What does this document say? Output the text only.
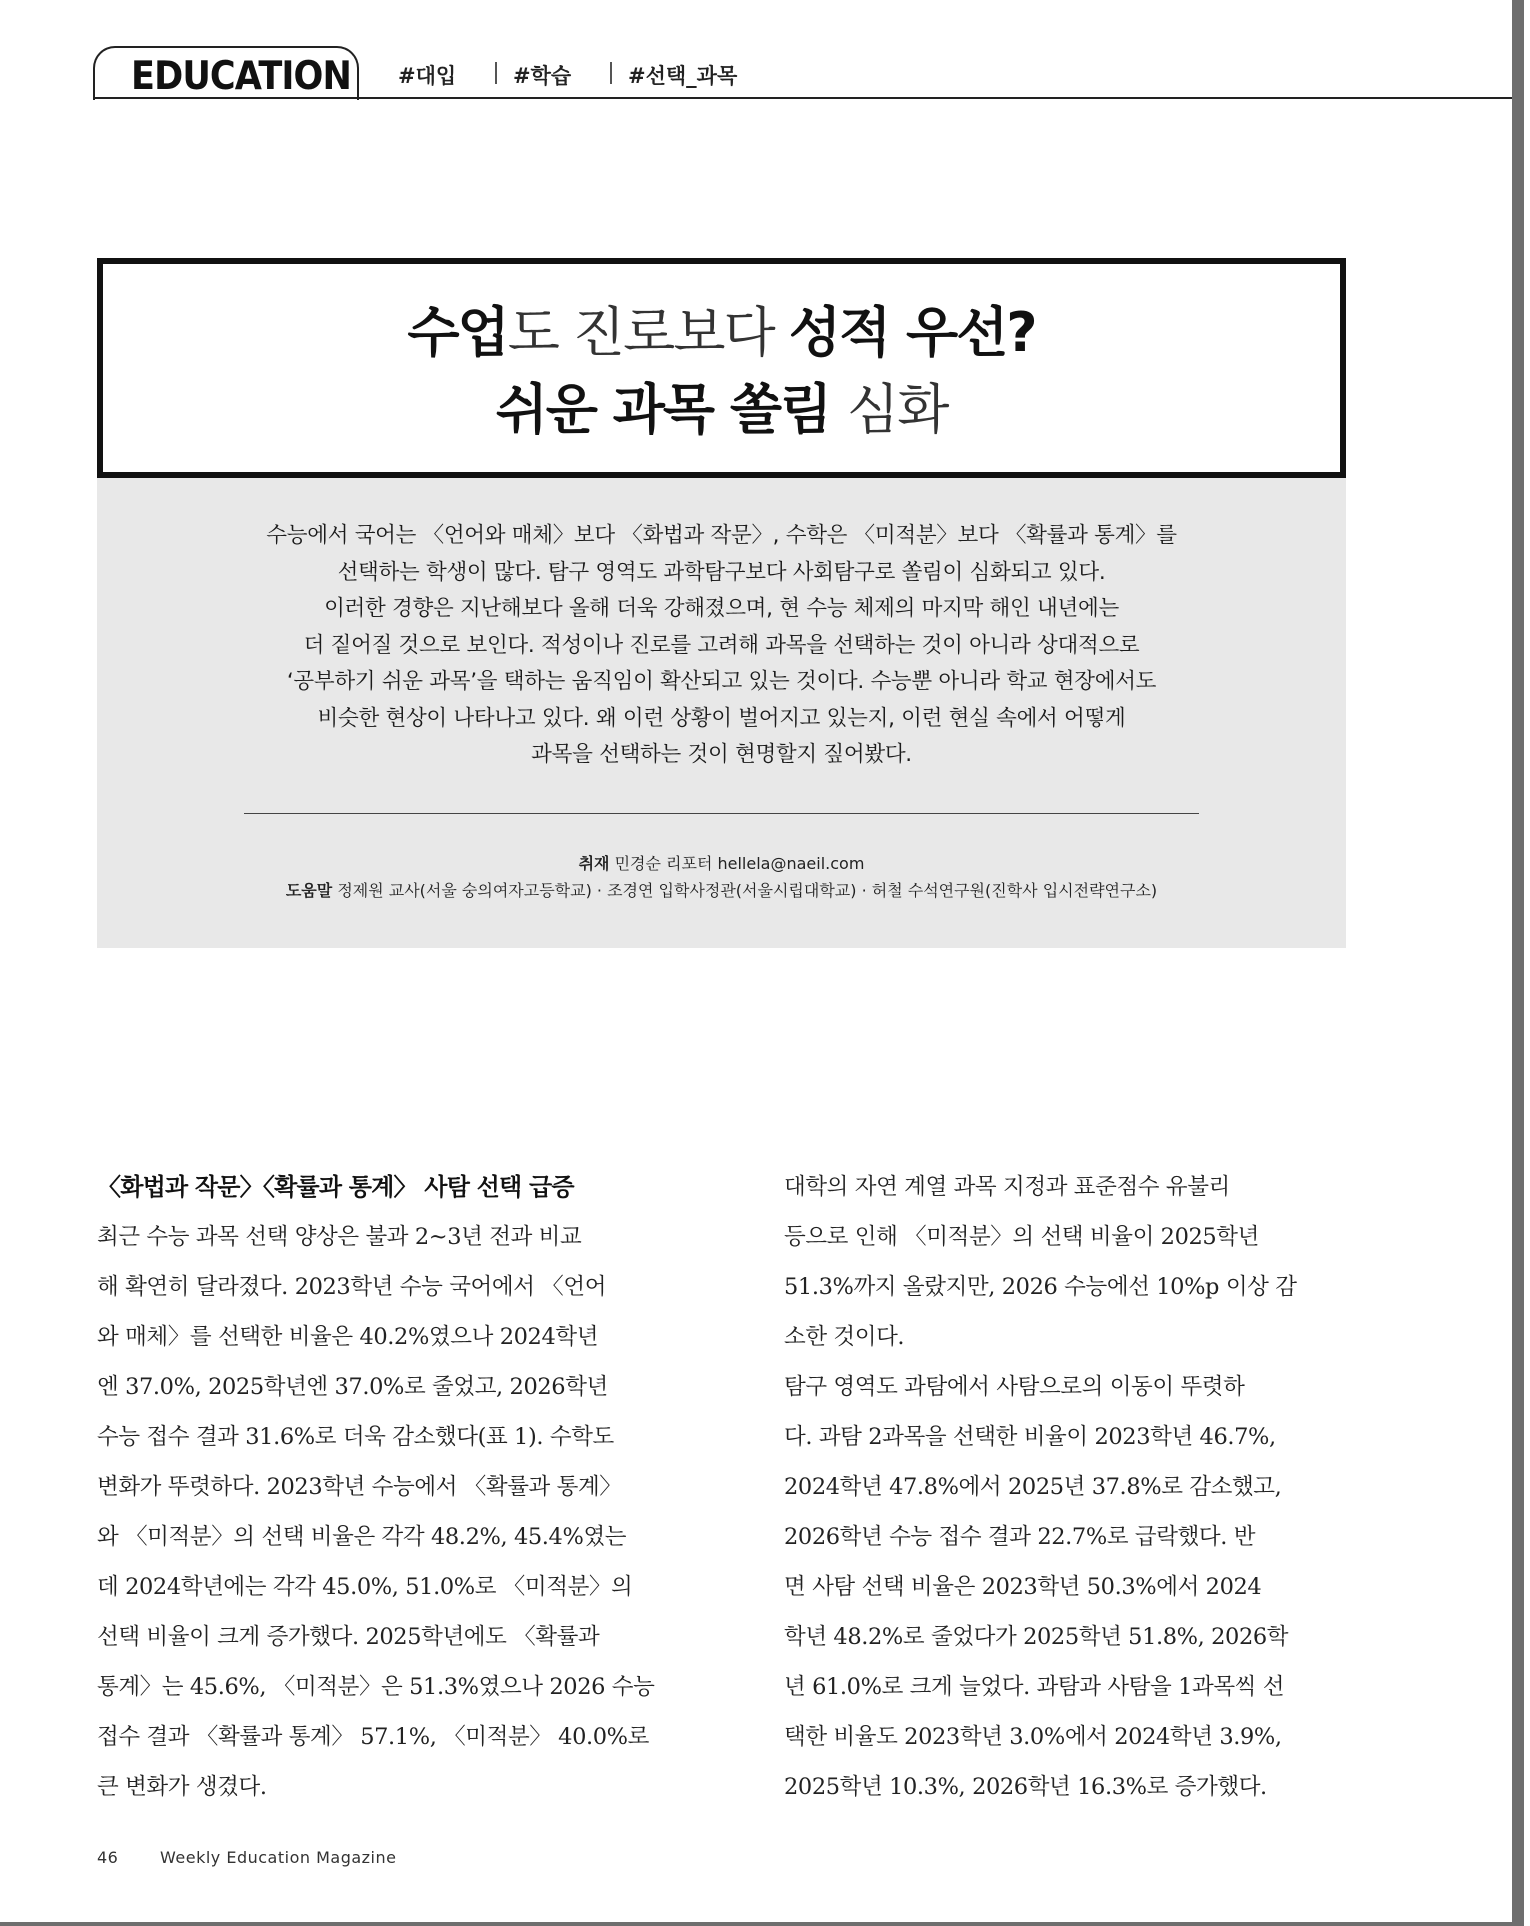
EDUCATION #대입	#학습	#선택_과목
수업도 진로보다 성적 우선?
쉬운 과목 쏠림 심화
수능에서 국어는 〈언어와 매체〉보다 〈화법과 작문〉, 수학은 〈미적분〉보다 〈확률과 통계〉를
선택하는 학생이 많다. 탐구 영역도 과학탐구보다 사회탐구로 쏠림이 심화되고 있다.
이러한 경향은 지난해보다 올해 더욱 강해졌으며, 현 수능 체제의 마지막 해인 내년에는
더 짙어질 것으로 보인다. 적성이나 진로를 고려해 과목을 선택하는 것이 아니라 상대적으로
‘공부하기 쉬운 과목’을 택하는 움직임이 확산되고 있는 것이다. 수능뿐 아니라 학교 현장에서도
비슷한 현상이 나타나고 있다. 왜 이런 상황이 벌어지고 있는지, 이런 현실 속에서 어떻게
과목을 선택하는 것이 현명할지 짚어봤다.
취재 민경순 리포터 hellela@naeil.com
도움말 정제원 교사(서울 숭의여자고등학교) · 조경연 입학사정관(서울시립대학교) · 허철 수석연구원(진학사 입시전략연구소)
〈화법과 작문〉〈확률과 통계〉 사탐 선택 급증
최근 수능 과목 선택 양상은 불과 2~3년 전과 비교
해 확연히 달라졌다. 2023학년 수능 국어에서 〈언어
와 매체〉를 선택한 비율은 40.2%였으나 2024학년
엔 37.0%, 2025학년엔 37.0%로 줄었고, 2026학년
수능 접수 결과 31.6%로 더욱 감소했다(표 1). 수학도
변화가 뚜렷하다. 2023학년 수능에서 〈확률과 통계〉
와 〈미적분〉의 선택 비율은 각각 48.2%, 45.4%였는
데 2024학년에는 각각 45.0%, 51.0%로 〈미적분〉의
선택 비율이 크게 증가했다. 2025학년에도 〈확률과
통계〉는 45.6%, 〈미적분〉은 51.3%였으나 2026 수능
접수 결과 〈확률과 통계〉 57.1%, 〈미적분〉 40.0%로
큰 변화가 생겼다.
대학의 자연 계열 과목 지정과 표준점수 유불리
등으로 인해 〈미적분〉의 선택 비율이 2025학년
51.3%까지 올랐지만, 2026 수능에선 10%p 이상 감
소한 것이다.
탐구 영역도 과탐에서 사탐으로의 이동이 뚜렷하
다. 과탐 2과목을 선택한 비율이 2023학년 46.7%,
2024학년 47.8%에서 2025년 37.8%로 감소했고,
2026학년 수능 접수 결과 22.7%로 급락했다. 반
면 사탐 선택 비율은 2023학년 50.3%에서 2024
학년 48.2%로 줄었다가 2025학년 51.8%, 2026학
년 61.0%로 크게 늘었다. 과탐과 사탐을 1과목씩 선
택한 비율도 2023학년 3.0%에서 2024학년 3.9%,
2025학년 10.3%, 2026학년 16.3%로 증가했다.
46	Weekly Education Magazine
